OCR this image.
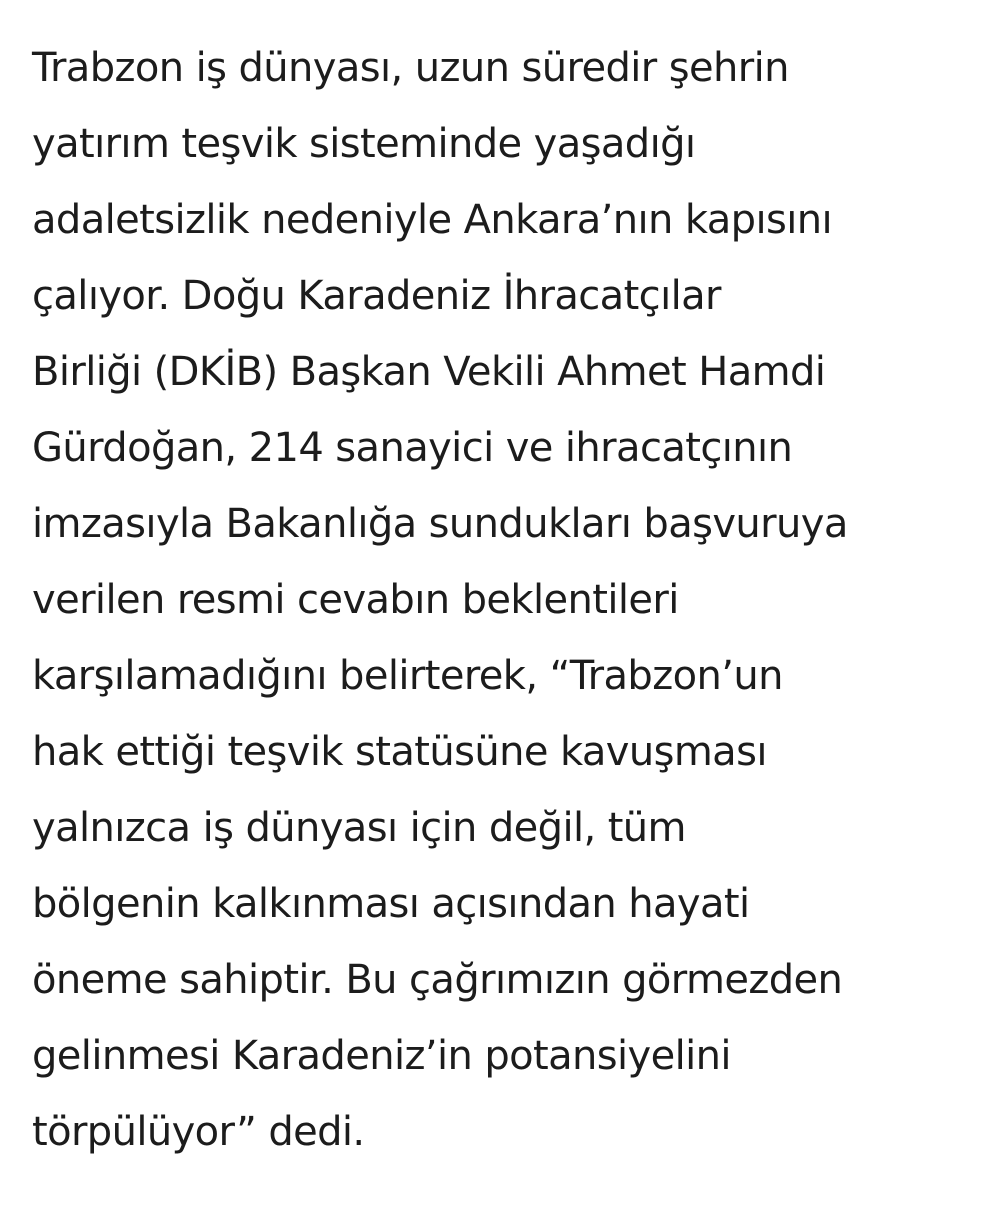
Trabzon iş dünyası, uzun süredir şehrin
yatırım teşvik sisteminde yaşadığı
adaletsizlik nedeniyle Ankara’nın kapısını
çalıyor. Doğu Karadeniz İhracatçılar
Birliği (DKİB) Başkan Vekili Ahmet Hamdi
Gürdoğan, 214 sanayici ve ihracatçının
imzasıyla Bakanlığa sundukları başvuruya
verilen resmi cevabın beklentileri
karşılamadığını belirterek, “Trabzon’un
hak ettiği teşvik statüsüne kavuşması
yalnızca iş dünyası için değil, tüm
bölgenin kalkınması açısından hayati
öneme sahiptir. Bu çağrımızın görmezden
gelinmesi Karadeniz’in potansiyelini
törpülüyor” dedi.
